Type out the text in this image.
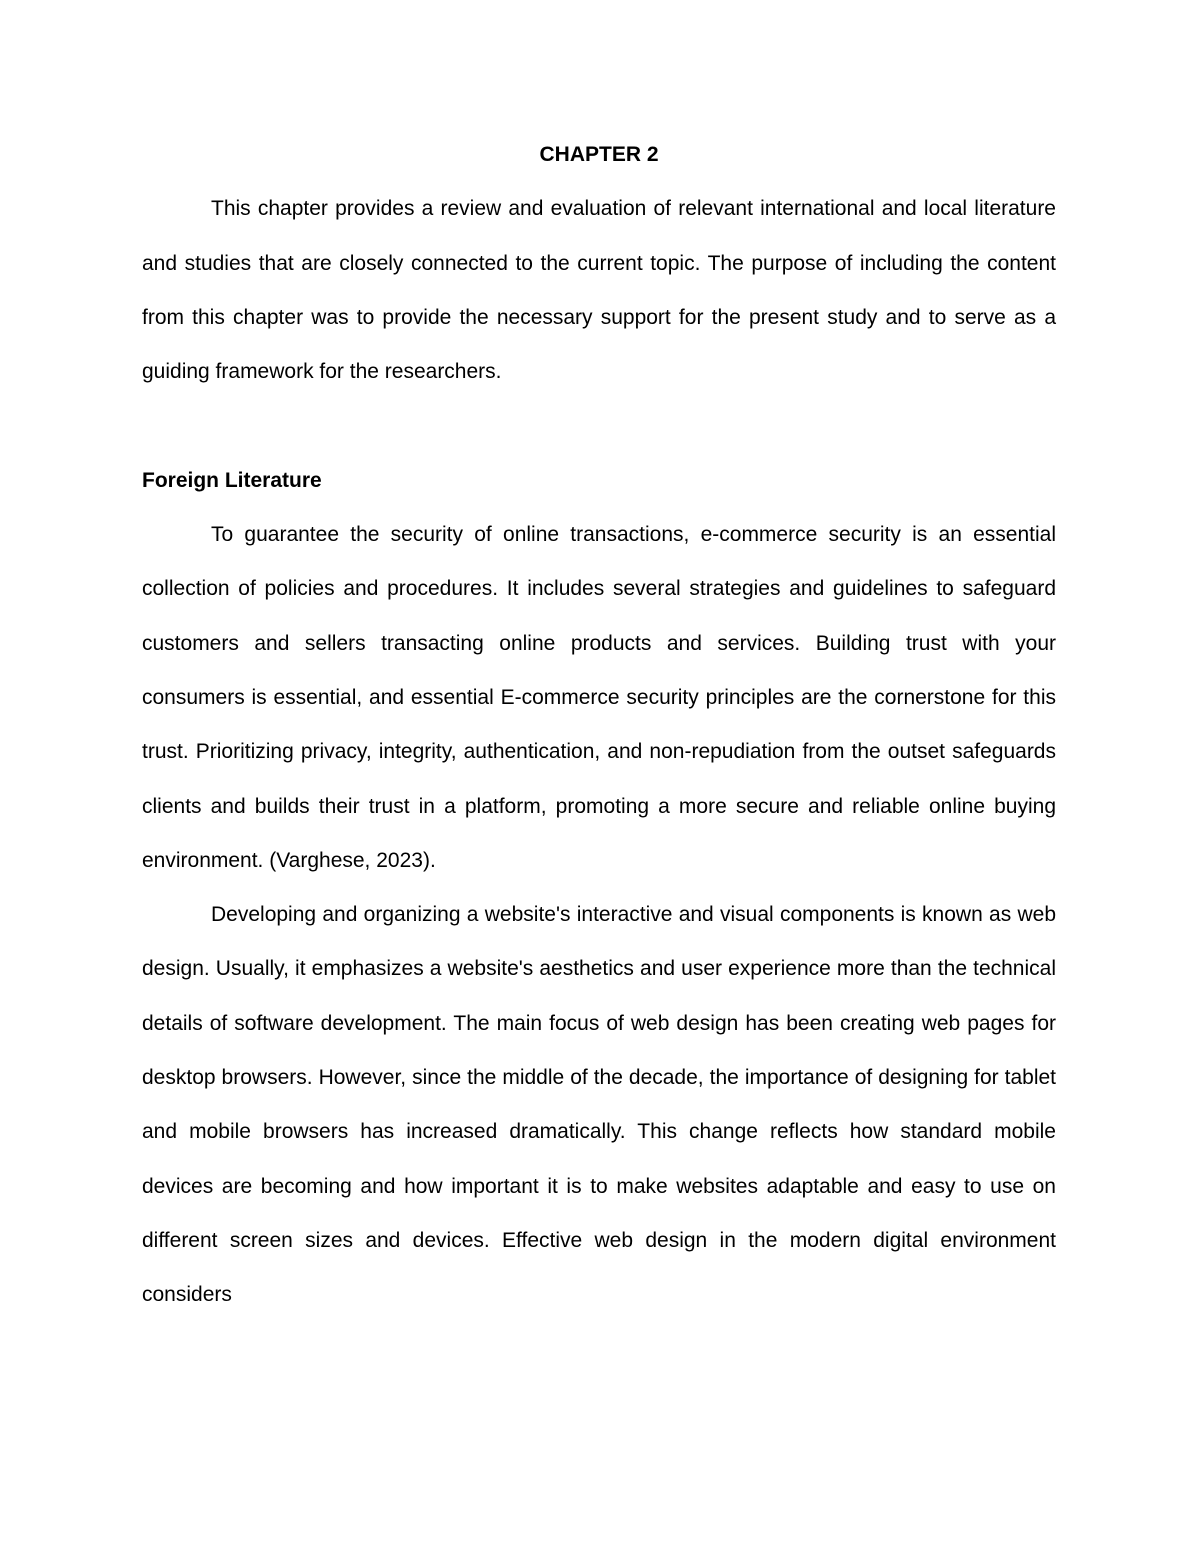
CHAPTER 2

This chapter provides a review and evaluation of relevant international and local literature and studies that are closely connected to the current topic. The purpose of including the content from this chapter was to provide the necessary support for the present study and to serve as a guiding framework for the researchers.

Foreign Literature

To guarantee the security of online transactions, e-commerce security is an essential collection of policies and procedures. It includes several strategies and guidelines to safeguard customers and sellers transacting online products and services. Building trust with your consumers is essential, and essential E-commerce security principles are the cornerstone for this trust. Prioritizing privacy, integrity, authentication, and non-repudiation from the outset safeguards clients and builds their trust in a platform, promoting a more secure and reliable online buying environment. (Varghese, 2023).

Developing and organizing a website's interactive and visual components is known as web design. Usually, it emphasizes a website's aesthetics and user experience more than the technical details of software development. The main focus of web design has been creating web pages for desktop browsers. However, since the middle of the decade, the importance of designing for tablet and mobile browsers has increased dramatically. This change reflects how standard mobile devices are becoming and how important it is to make websites adaptable and easy to use on different screen sizes and devices. Effective web design in the modern digital environment considers
